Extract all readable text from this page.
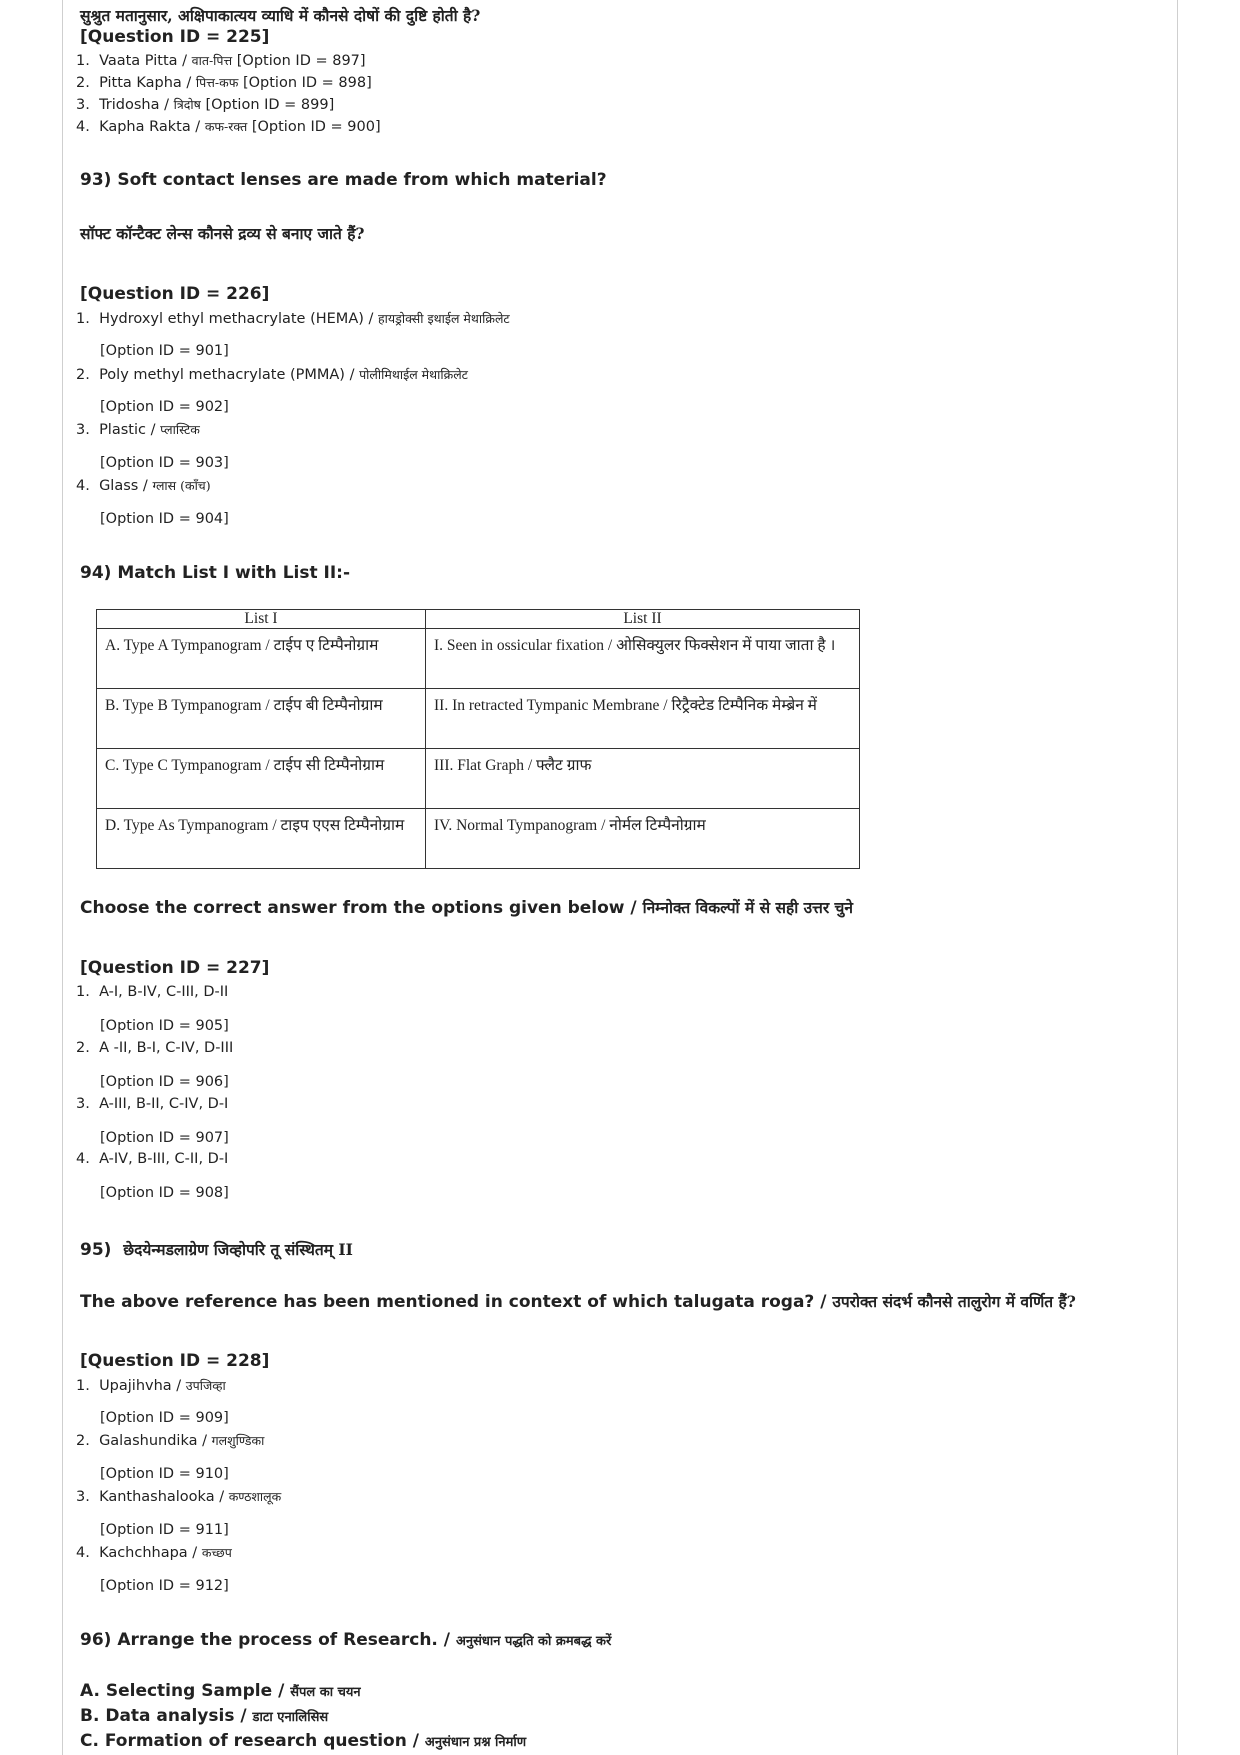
सुश्रुत मतानुसार, अक्षिपाकात्यय व्याधि में कौनसे दोषों की दुष्टि होती है?
[Question ID = 225]
1. Vaata Pitta / वात-पित्त [Option ID = 897]
2. Pitta Kapha / पित्त-कफ [Option ID = 898]
3. Tridosha / त्रिदोष [Option ID = 899]
4. Kapha Rakta / कफ-रक्त [Option ID = 900]
93) Soft contact lenses are made from which material?
सॉफ्ट कॉन्टैक्ट लेन्स कौनसे द्रव्य से बनाए जाते हैं?
[Question ID = 226]
1. Hydroxyl ethyl methacrylate (HEMA) / हायड्रोक्सी इथाईल मेथाक्रिलेट
[Option ID = 901]
2. Poly methyl methacrylate (PMMA) / पोलीमिथाईल मेथाक्रिलेट
[Option ID = 902]
3. Plastic / प्लास्टिक
[Option ID = 903]
4. Glass / ग्लास (काँच)
[Option ID = 904]
94) Match List I with List II:-
List I	List II
A. Type A Tympanogram / टाईप ए टिम्पैनोग्राम	I. Seen in ossicular fixation / ओसिक्युलर फिक्सेशन में पाया जाता है ।
B. Type B Tympanogram / टाईप बी टिम्पैनोग्राम	II. In retracted Tympanic Membrane / रिट्रैक्टेड टिम्पैनिक मेम्ब्रेन में
C. Type C Tympanogram / टाईप सी टिम्पैनोग्राम	III. Flat Graph / फ्लैट ग्राफ
D. Type As Tympanogram / टाइप एएस टिम्पैनोग्राम	IV. Normal Tympanogram / नोर्मल टिम्पैनोग्राम
Choose the correct answer from the options given below / निम्नोक्त विकल्पों में से सही उत्तर चुने
[Question ID = 227]
1. A-I, B-IV, C-III, D-II
[Option ID = 905]
2. A -II, B-I, C-IV, D-III
[Option ID = 906]
3. A-III, B-II, C-IV, D-I
[Option ID = 907]
4. A-IV, B-III, C-II, D-I
[Option ID = 908]
95) छेदयेन्मडलाग्रेण जिव्होपरि तू संस्थितम् II
The above reference has been mentioned in context of which talugata roga? / उपरोक्त संदर्भ कौनसे तालुरोग में वर्णित हैं?
[Question ID = 228]
1. Upajihvha / उपजिव्हा
[Option ID = 909]
2. Galashundika / गलशुण्डिका
[Option ID = 910]
3. Kanthashalooka / कण्ठशालूक
[Option ID = 911]
4. Kachchhapa / कच्छप
[Option ID = 912]
96) Arrange the process of Research. / अनुसंधान पद्धति को क्रमबद्ध करें
A. Selecting Sample / सैंपल का चयन
B. Data analysis / डाटा एनालिसिस
C. Formation of research question / अनुसंधान प्रश्न निर्माण
